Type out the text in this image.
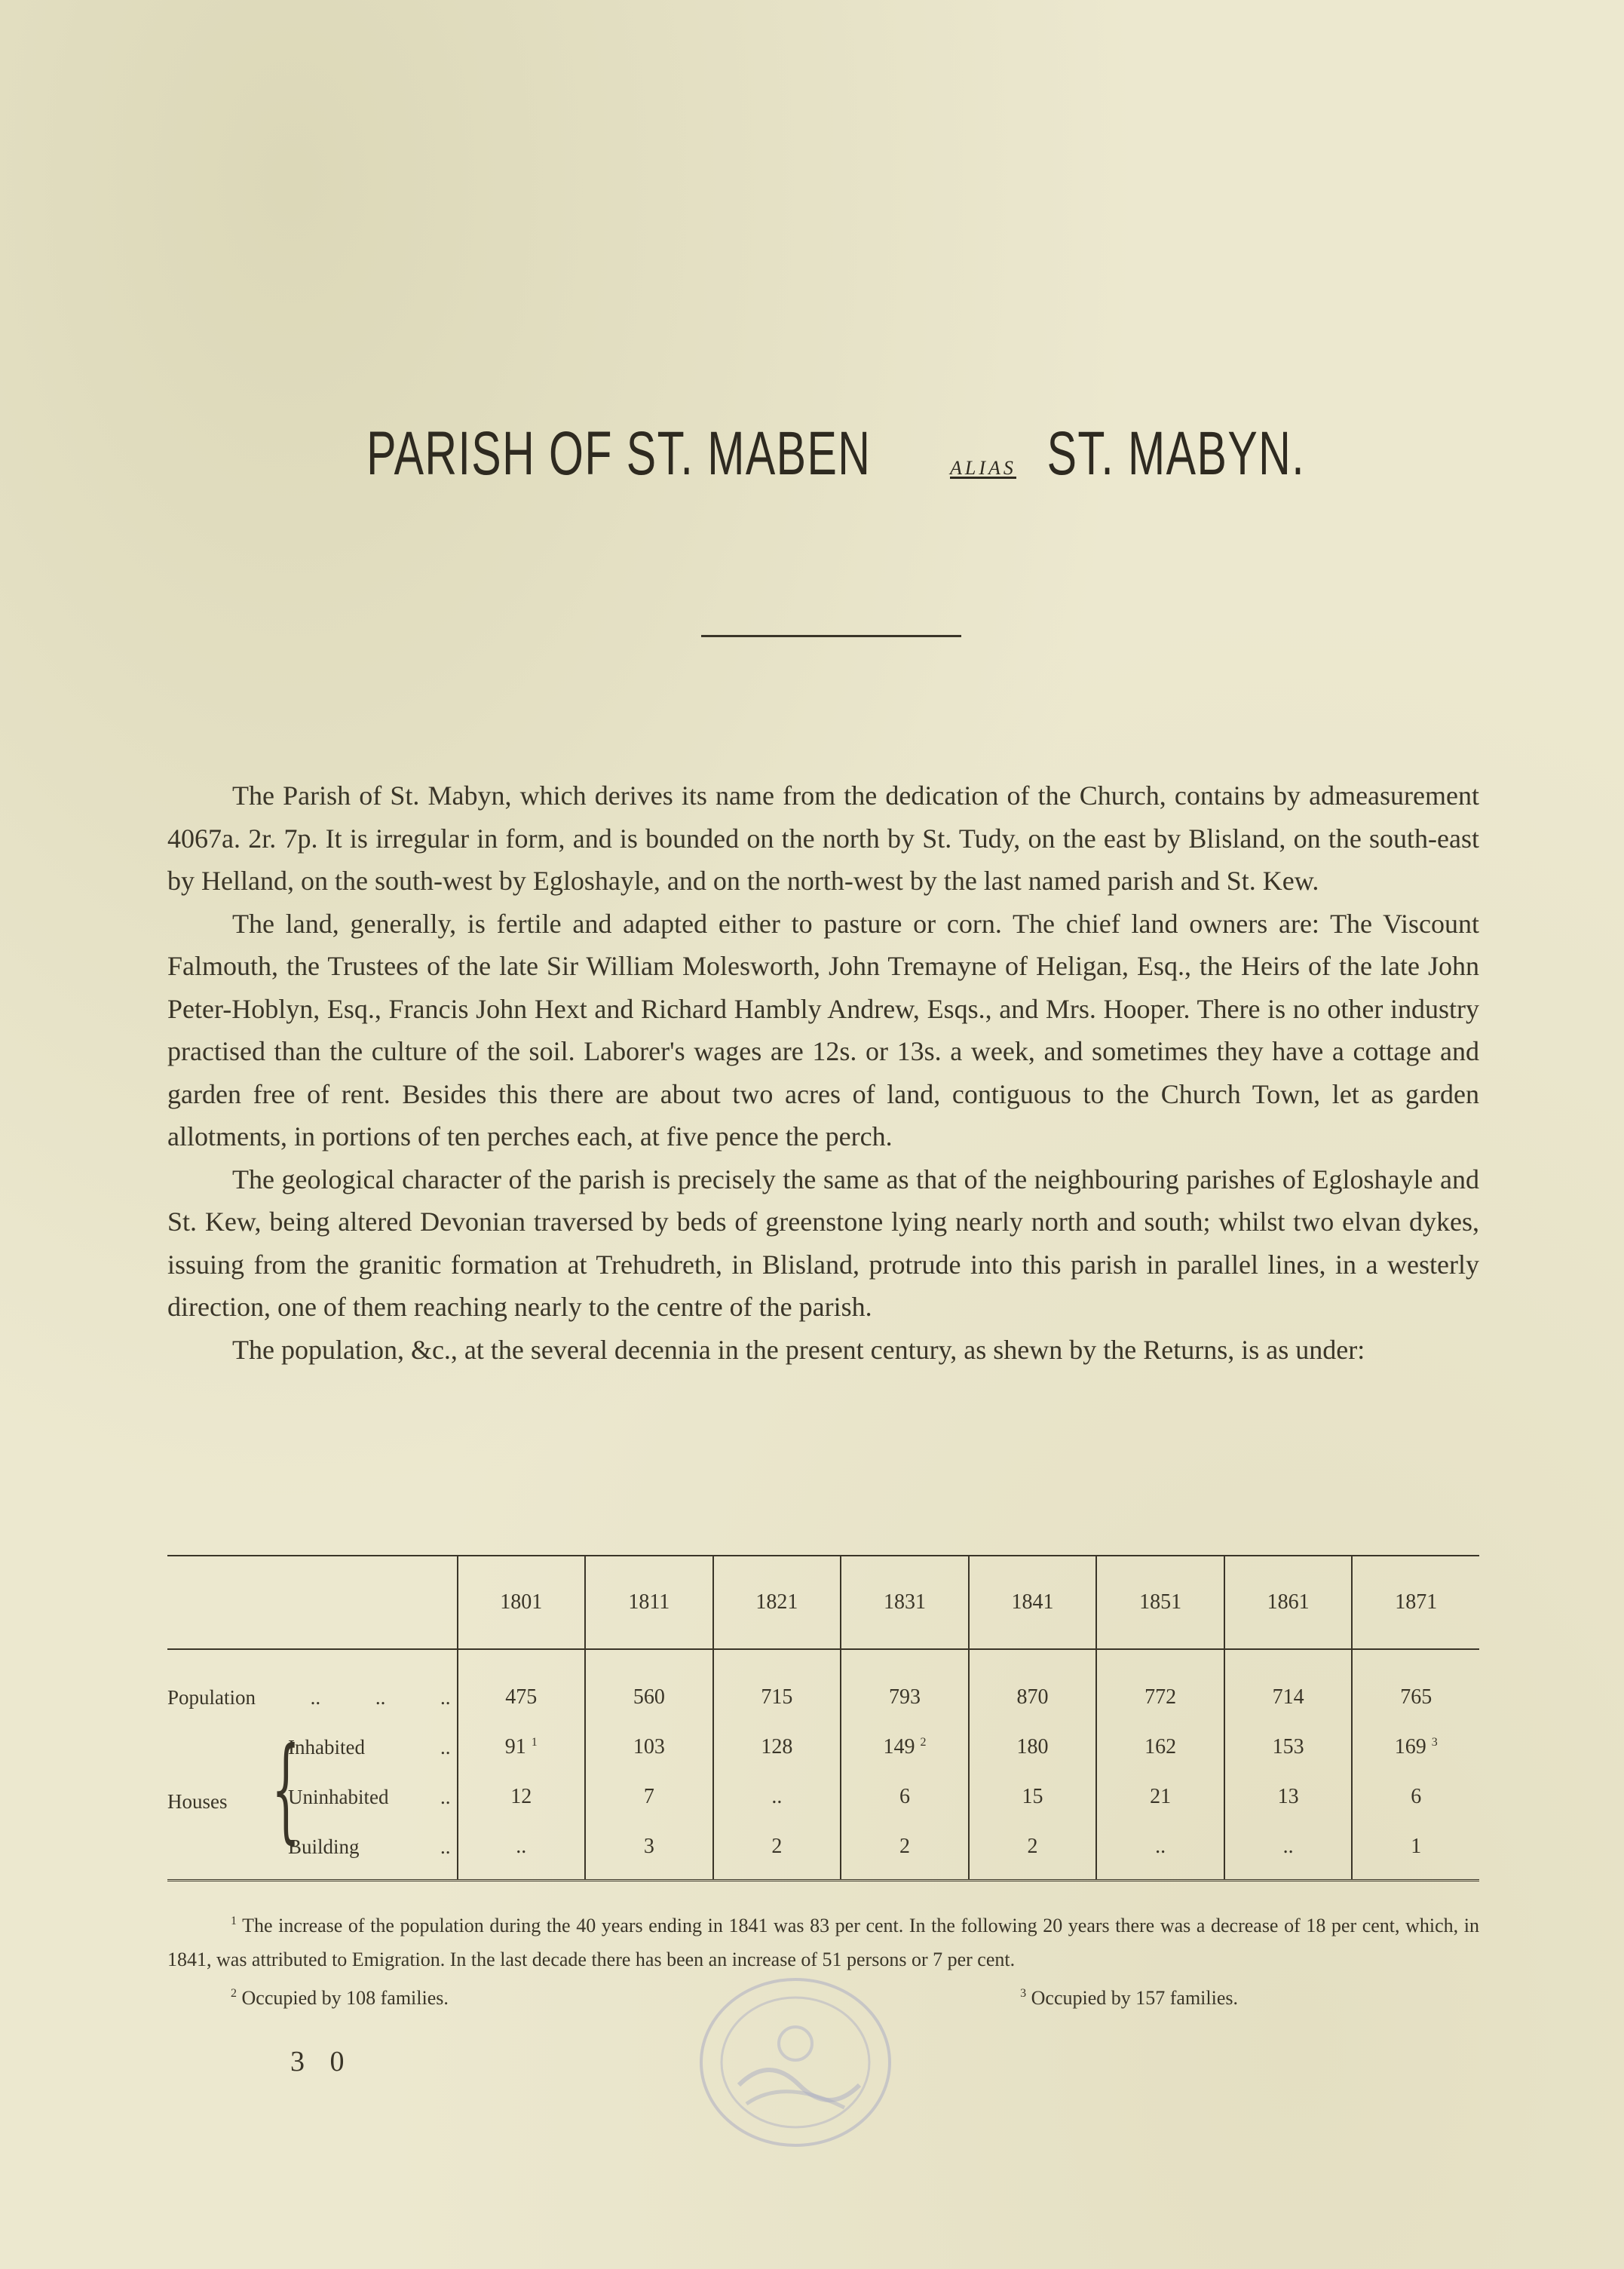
PARISH OF ST. MABEN	ALIAS ST. MABYN.

The Parish of St. Mabyn, which derives its name from the dedication of the Church, contains by admeasurement 4067a. 2r. 7p. It is irregular in form, and is bounded on the north by St. Tudy, on the east by Blisland, on the south-east by Helland, on the south-west by Egloshayle, and on the north-west by the last named parish and St. Kew.

The land, generally, is fertile and adapted either to pasture or corn. The chief land owners are: The Viscount Falmouth, the Trustees of the late Sir William Molesworth, John Tremayne of Heligan, Esq., the Heirs of the late John Peter-Hoblyn, Esq., Francis John Hext and Richard Hambly Andrew, Esqs., and Mrs. Hooper. There is no other industry practised than the culture of the soil. Laborer's wages are 12s. or 13s. a week, and sometimes they have a cottage and garden free of rent. Besides this there are about two acres of land, contiguous to the Church Town, let as garden allotments, in portions of ten perches each, at five pence the perch.

The geological character of the parish is precisely the same as that of the neighbouring parishes of Egloshayle and St. Kew, being altered Devonian traversed by beds of greenstone lying nearly north and south; whilst two elvan dykes, issuing from the granitic formation at Trehudreth, in Blisland, protrude into this parish in parallel lines, in a westerly direction, one of them reaching nearly to the centre of the parish.

The population, &c., at the several decennia in the present century, as shewn by the Returns, is as under:

	1801	1811	1821	1831	1841	1851	1861	1871

Population .. .. ..	475	560	715	793	870	772	714	765

Inhabited ..	91 $^1$	103	128	149 $^2$	180	162	153	169 $^3$

Houses {
Uninhabited ..	12	7	..	6	15	21	13	6

Building ..	..	3	2	2	2	..	..	1

$^1$ The increase of the population during the 40 years ending in 1841 was 83 per cent. In the following 20 years there was a decrease of 18 per cent, which, in 1841, was attributed to Emigration. In the last decade there has been an increase of 51 persons or 7 per cent.

$^2$ Occupied by 108 families.	$^3$ Occupied by 157 families.
3 0
